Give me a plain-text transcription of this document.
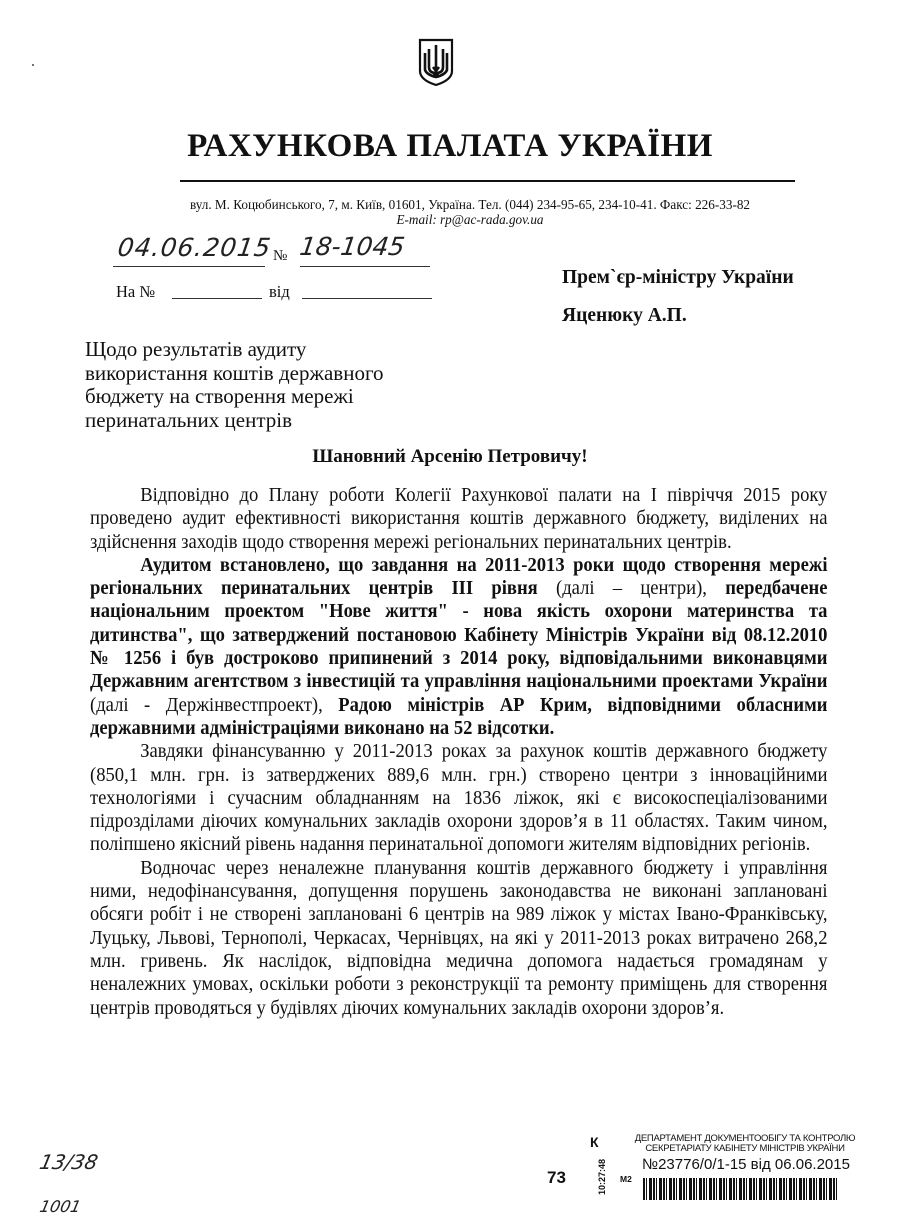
РАХУНКОВА ПАЛАТА УКРАЇНИ
вул. М. Коцюбинського, 7, м. Київ, 01601, Україна. Тел. (044) 234-95-65, 234-10-41. Факс: 226-33-82
E-mail: rp@ac-rada.gov.ua
04.06.2015 № 18-1045
На №	від
Прем`єр-міністру України
Яценюку А.П.
Щодо результатів аудиту
використання коштів державного
бюджету на створення мережі
перинатальних центрів
Шановний Арсенію Петровичу!

Відповідно до Плану роботи Колегії Рахункової палати на І півріччя 2015 року проведено аудит ефективності використання коштів державного бюджету, виділених на здійснення заходів щодо створення мережі регіональних перинатальних центрів.

Аудитом встановлено, що завдання на 2011-2013 роки щодо створення мережі регіональних перинатальних центрів ІІІ рівня (далі – центри), передбачене національним проектом "Нове життя" - нова якість охорони материнства та дитинства", що затверджений постановою Кабінету Міністрів України від 08.12.2010 № 1256 і був достроково припинений з 2014 року, відповідальними виконавцями Державним агентством з інвестицій та управління національними проектами України (далі - Держінвестпроект), Радою міністрів АР Крим, відповідними обласними державними адміністраціями виконано на 52 відсотки.

Завдяки фінансуванню у 2011-2013 роках за рахунок коштів державного бюджету (850,1 млн. грн. із затверджених 889,6 млн. грн.) створено центри з інноваційними технологіями і сучасним обладнанням на 1836 ліжок, які є високоспеціалізованими підрозділами діючих комунальних закладів охорони здоров’я в 11 областях. Таким чином, поліпшено якісний рівень надання перинатальної допомоги жителям відповідних регіонів.

Водночас через неналежне планування коштів державного бюджету і управління ними, недофінансування, допущення порушень законодавства не виконані заплановані обсяги робіт і не створені заплановані 6 центрів на 989 ліжок у містах Івано-Франківську, Луцьку, Львові, Тернополі, Черкасах, Чернівцях, на які у 2011-2013 роках витрачено 268,2 млн. гривень. Як наслідок, відповідна медична допомога надається громадянам у неналежних умовах, оскільки роботи з реконструкції та ремонту приміщень для створення центрів проводяться у будівлях діючих комунальних закладів охорони здоров’я.

13/38
1001
73
К
10:27:48
ДЕПАРТАМЕНТ ДОКУМЕНТООБІГУ ТА КОНТРОЛЮ СЕКРЕТАРІАТУ КАБІНЕТУ МІНІСТРІВ УКРАЇНИ
№23776/0/1-15 від 06.06.2015
М2
